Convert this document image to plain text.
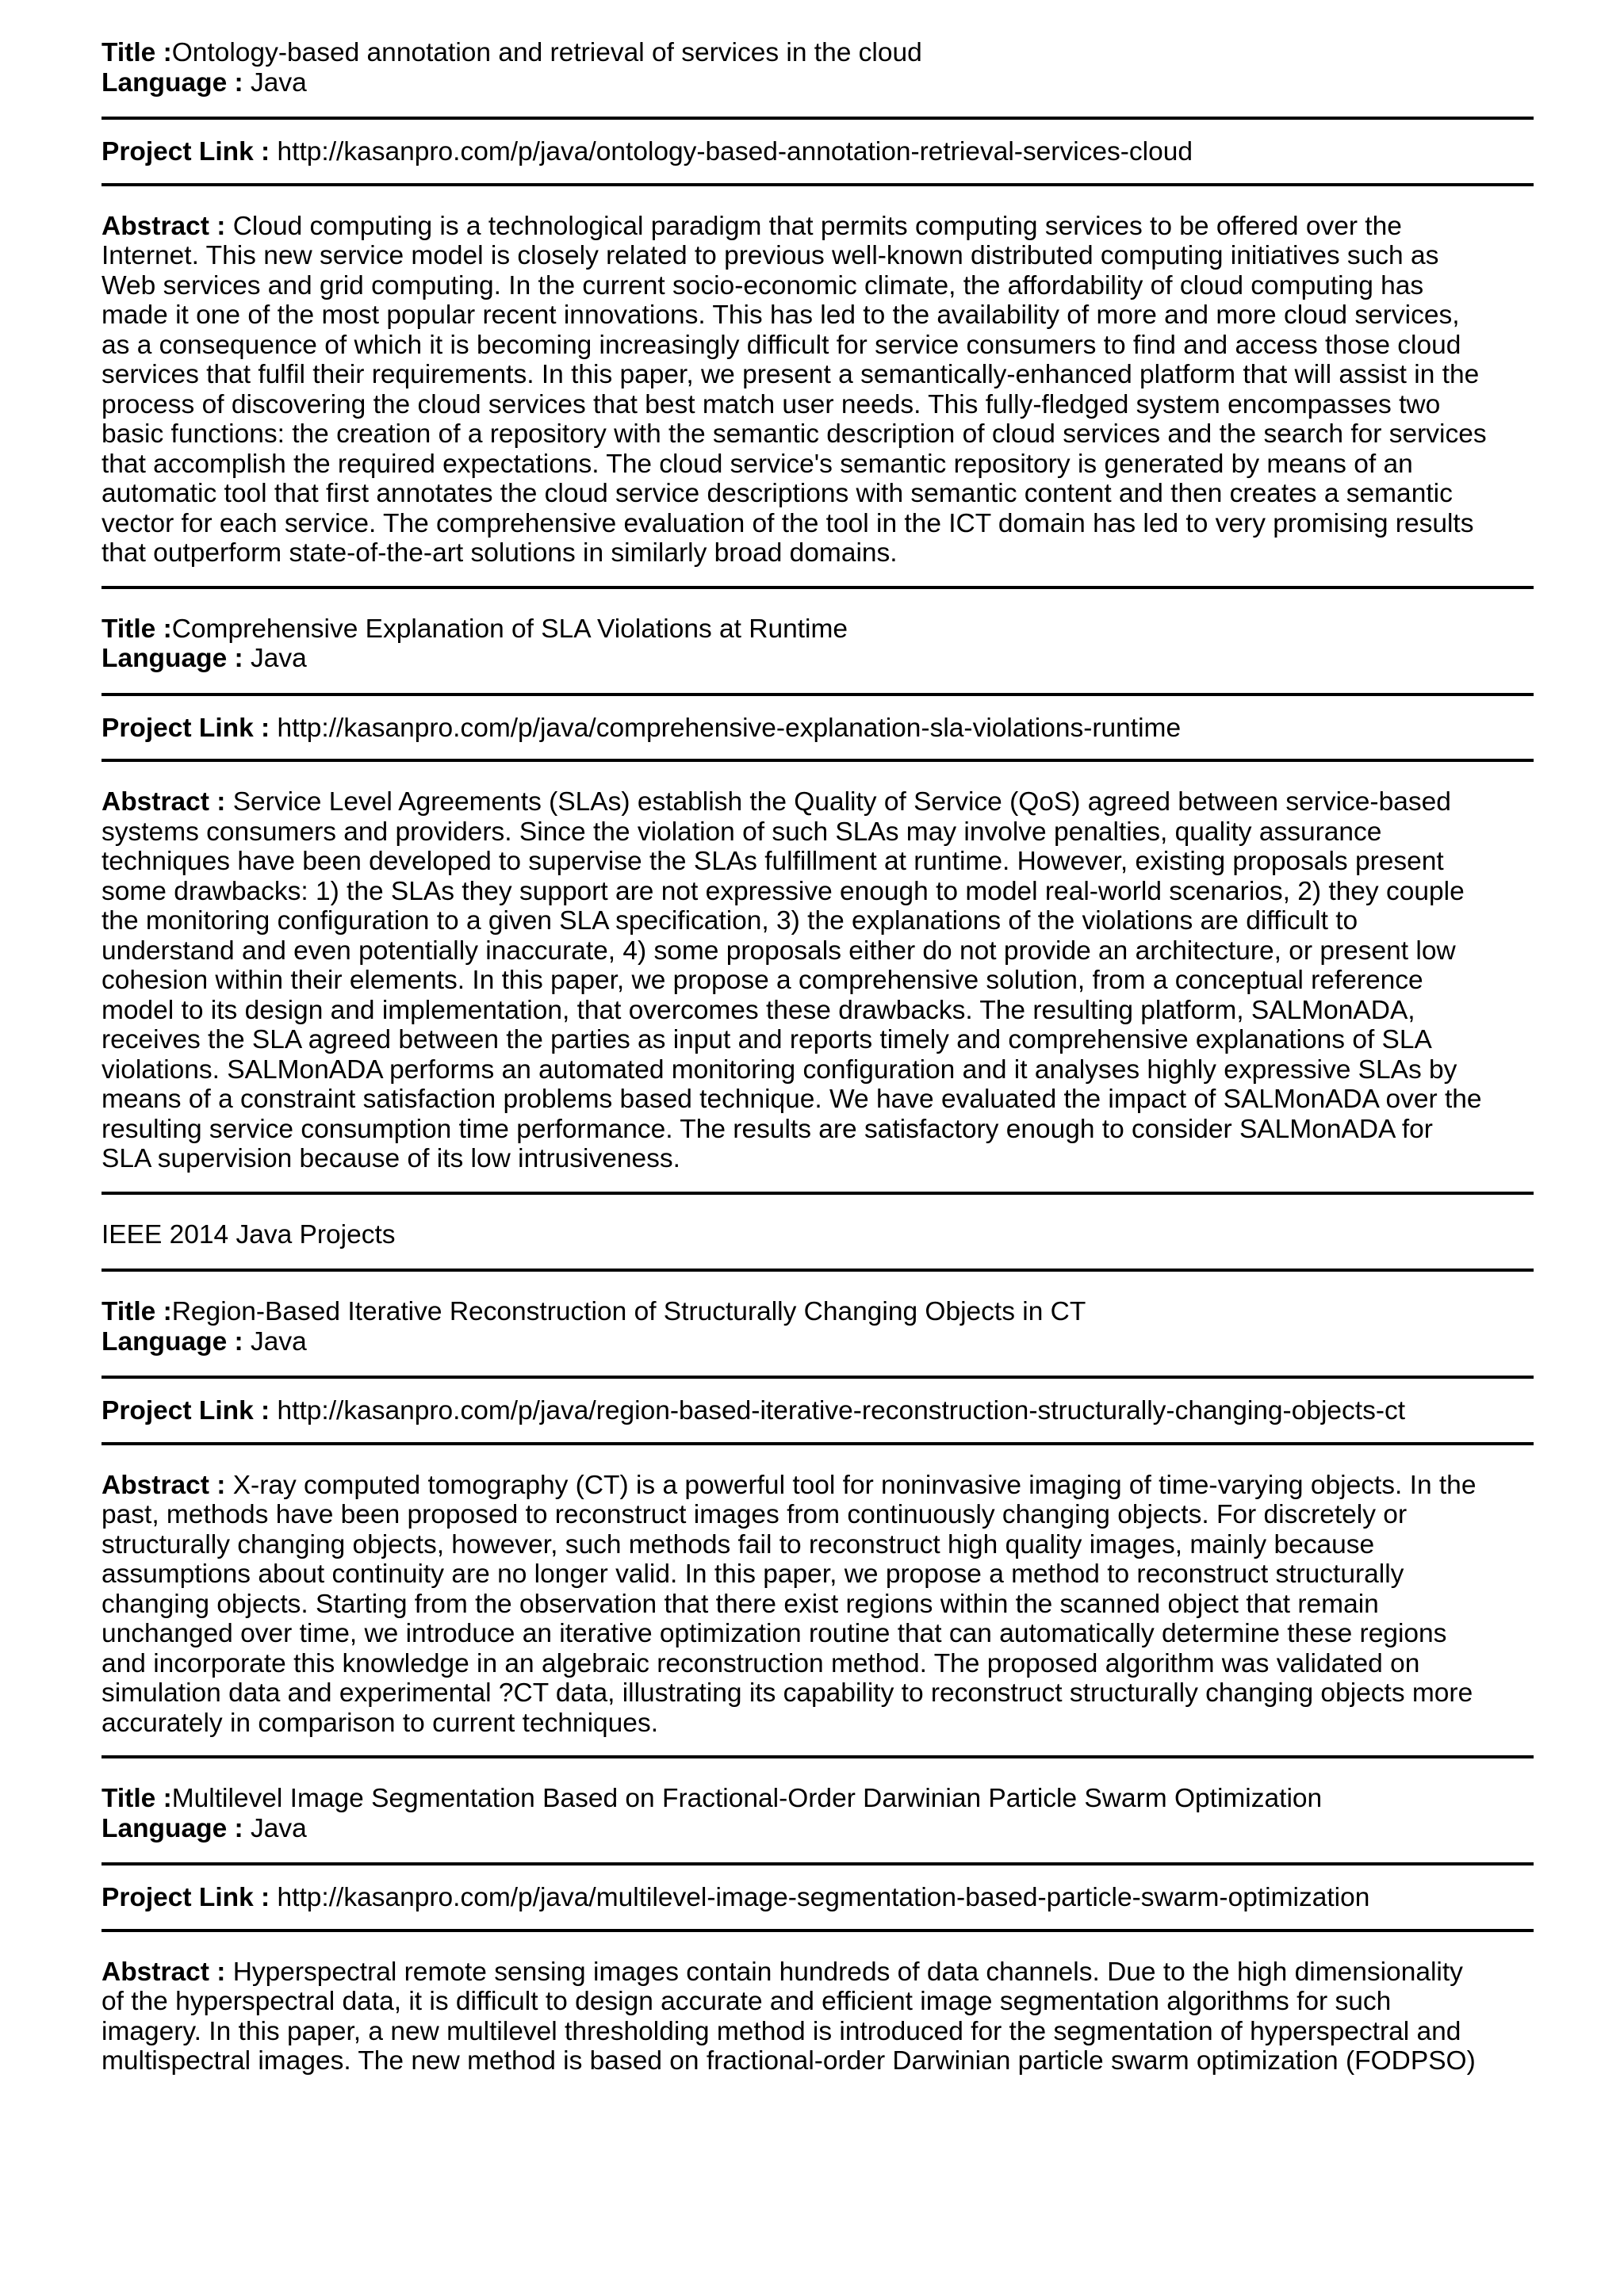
Title :Ontology-based annotation and retrieval of services in the cloud

Language : Java

Project Link : http://kasanpro.com/p/java/ontology-based-annotation-retrieval-services-cloud

Abstract : Cloud computing is a technological paradigm that permits computing services to be offered over the
Internet. This new service model is closely related to previous well-known distributed computing initiatives such as
Web services and grid computing. In the current socio-economic climate, the affordability of cloud computing has
made it one of the most popular recent innovations. This has led to the availability of more and more cloud services,
as a consequence of which it is becoming increasingly difficult for service consumers to find and access those cloud
services that fulfil their requirements. In this paper, we present a semantically-enhanced platform that will assist in the
process of discovering the cloud services that best match user needs. This fully-fledged system encompasses two
basic functions: the creation of a repository with the semantic description of cloud services and the search for services
that accomplish the required expectations. The cloud service's semantic repository is generated by means of an
automatic tool that first annotates the cloud service descriptions with semantic content and then creates a semantic
vector for each service. The comprehensive evaluation of the tool in the ICT domain has led to very promising results
that outperform state-of-the-art solutions in similarly broad domains.

Title :Comprehensive Explanation of SLA Violations at Runtime

Language : Java

Project Link : http://kasanpro.com/p/java/comprehensive-explanation-sla-violations-runtime

Abstract : Service Level Agreements (SLAs) establish the Quality of Service (QoS) agreed between service-based
systems consumers and providers. Since the violation of such SLAs may involve penalties, quality assurance
techniques have been developed to supervise the SLAs fulfillment at runtime. However, existing proposals present
some drawbacks: 1) the SLAs they support are not expressive enough to model real-world scenarios, 2) they couple
the monitoring configuration to a given SLA specification, 3) the explanations of the violations are difficult to
understand and even potentially inaccurate, 4) some proposals either do not provide an architecture, or present low
cohesion within their elements. In this paper, we propose a comprehensive solution, from a conceptual reference
model to its design and implementation, that overcomes these drawbacks. The resulting platform, SALMonADA,
receives the SLA agreed between the parties as input and reports timely and comprehensive explanations of SLA
violations. SALMonADA performs an automated monitoring configuration and it analyses highly expressive SLAs by
means of a constraint satisfaction problems based technique. We have evaluated the impact of SALMonADA over the
resulting service consumption time performance. The results are satisfactory enough to consider SALMonADA for
SLA supervision because of its low intrusiveness.

IEEE 2014 Java Projects

Title :Region-Based Iterative Reconstruction of Structurally Changing Objects in CT

Language : Java

Project Link : http://kasanpro.com/p/java/region-based-iterative-reconstruction-structurally-changing-objects-ct

Abstract : X-ray computed tomography (CT) is a powerful tool for noninvasive imaging of time-varying objects. In the
past, methods have been proposed to reconstruct images from continuously changing objects. For discretely or
structurally changing objects, however, such methods fail to reconstruct high quality images, mainly because
assumptions about continuity are no longer valid. In this paper, we propose a method to reconstruct structurally
changing objects. Starting from the observation that there exist regions within the scanned object that remain
unchanged over time, we introduce an iterative optimization routine that can automatically determine these regions
and incorporate this knowledge in an algebraic reconstruction method. The proposed algorithm was validated on
simulation data and experimental ?CT data, illustrating its capability to reconstruct structurally changing objects more
accurately in comparison to current techniques.

Title :Multilevel Image Segmentation Based on Fractional-Order Darwinian Particle Swarm Optimization

Language : Java

Project Link : http://kasanpro.com/p/java/multilevel-image-segmentation-based-particle-swarm-optimization

Abstract : Hyperspectral remote sensing images contain hundreds of data channels. Due to the high dimensionality
of the hyperspectral data, it is difficult to design accurate and efficient image segmentation algorithms for such
imagery. In this paper, a new multilevel thresholding method is introduced for the segmentation of hyperspectral and
multispectral images. The new method is based on fractional-order Darwinian particle swarm optimization (FODPSO)
